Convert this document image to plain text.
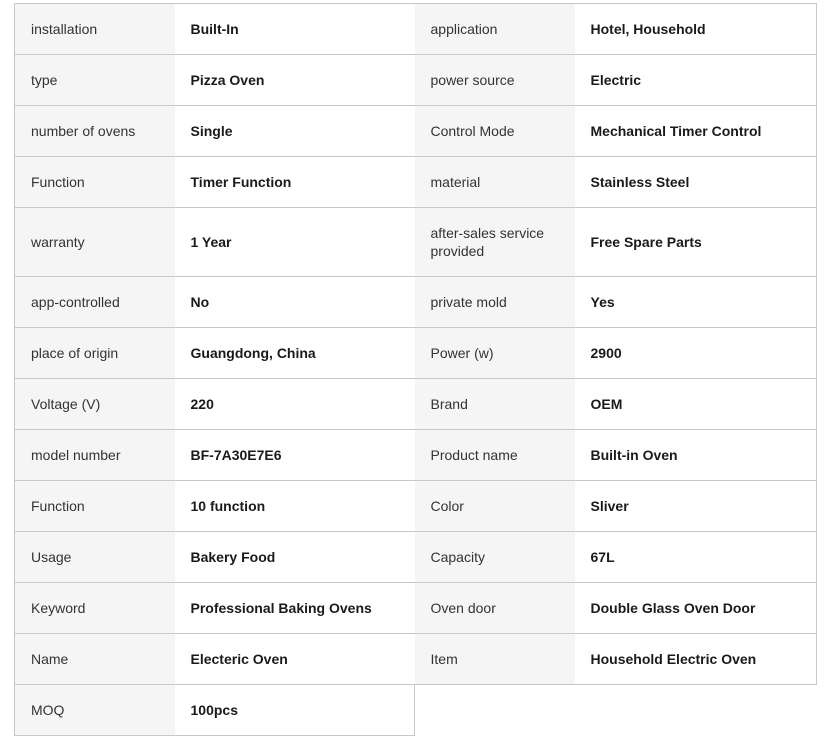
installation	Built-In	application	Hotel, Household
type	Pizza Oven	power source	Electric
number of ovens	Single	Control Mode	Mechanical Timer Control
Function	Timer Function	material	Stainless Steel
warranty	1 Year	after-sales service provided	Free Spare Parts
app-controlled	No	private mold	Yes
place of origin	Guangdong, China	Power (w)	2900
Voltage (V)	220	Brand	OEM
model number	BF-7A30E7E6	Product name	Built-in Oven
Function	10 function	Color	Sliver
Usage	Bakery Food	Capacity	67L
Keyword	Professional Baking Ovens	Oven door	Double Glass Oven Door
Name	Electeric Oven	Item	Household Electric Oven
MOQ	100pcs		
